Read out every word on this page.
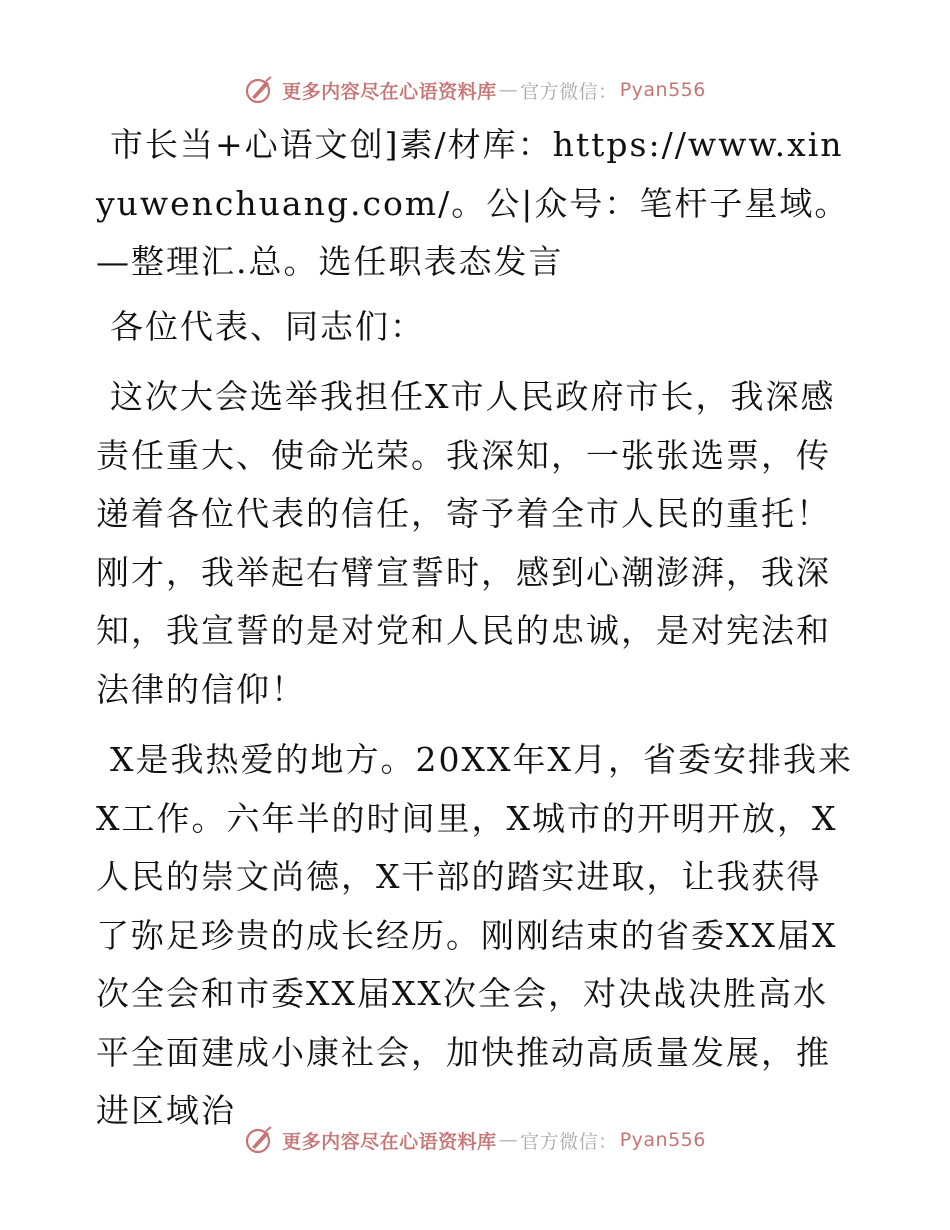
更多内容尽在心语资料库 — 官方微信： Pyan556

市长当+心语文创]素/材库：https://www.xinyuwenchuang.com/。公|众号：笔杆子星域。—整理汇.总。选任职表态发言

各位代表、同志们：

这次大会选举我担任X市人民政府市长，我深感责任重大、使命光荣。我深知，一张张选票，传递着各位代表的信任，寄予着全市人民的重托！刚才，我举起右臂宣誓时，感到心潮澎湃，我深知，我宣誓的是对党和人民的忠诚，是对宪法和法律的信仰！

X是我热爱的地方。20XX年X月，省委安排我来X工作。六年半的时间里，X城市的开明开放，X人民的崇文尚德，X干部的踏实进取，让我获得了弥足珍贵的成长经历。刚刚结束的省委XX届X次全会和市委XX届XX次全会，对决战决胜高水平全面建成小康社会，加快推动高质量发展，推进区域治

更多内容尽在心语资料库 — 官方微信： Pyan556
